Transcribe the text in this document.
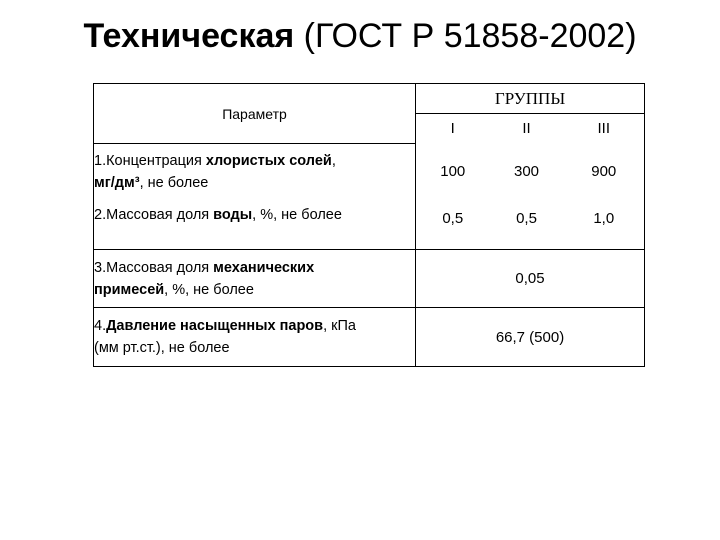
Техническая (ГОСТ Р 51858-2002)
Параметр	ГРУППЫ		
	I	II	III
1.Концентрация хлористых солей,
мг/дм³, не более	100	300	900
2.Массовая доля воды, %, не более	0,5	0,5	1,0
3.Массовая доля механических
примесей, %, не более	0,05		
4.Давление насыщенных паров, кПа
(мм рт.ст.), не более	66,7 (500)		
